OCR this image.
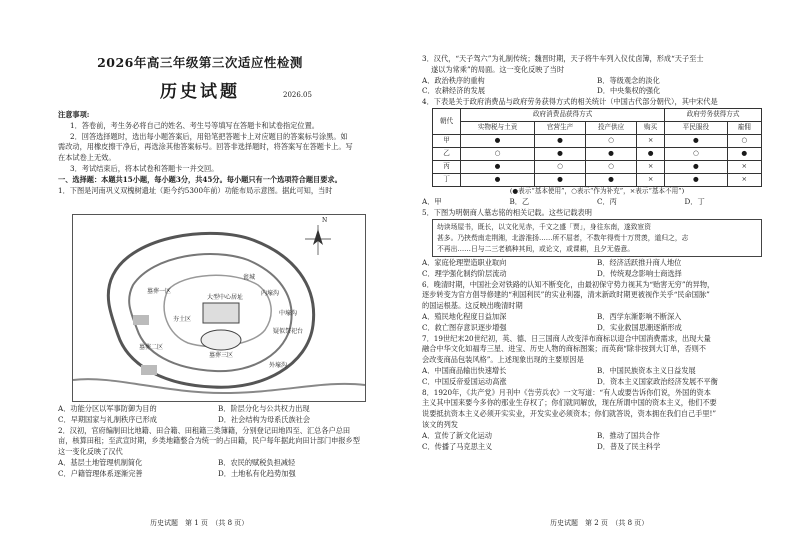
2026年高三年级第三次适应性检测
历史试题	2026.05
注意事项:
1．答卷前，考生务必将自己的姓名、考生号等填写在答题卡和试卷指定位置。
2．回答选择题时，选出每小题答案后，用铅笔把答题卡上对应题目的答案标号涂黑。如
需改动，用橡皮擦干净后，再选涂其他答案标号。回答非选择题时，将答案写在答题卡上。写
在本试卷上无效。
3．考试结束后，将本试卷和答题卡一并交回。
一、选择题：本题共15小题，每小题3分，共45分。每小题只有一个选项符合题目要求。
1．下图是河南巩义双槐树遗址（距今约5300年前）功能布局示意图。据此可知，当时
N
墓葬一区
墓葬二区
墓葬三区
大型中心居址
瓮城
疑似祭祀台
外壕沟
中壕沟
内壕沟
夯土区
A．功能分区以军事防御为目的	B．阶层分化与公共权力出现
C．早期国家与礼制秩序已形成	D．社会结构为母系氏族社会
2．汉初，官府编制田比地籍、田合籍、田租籍三类簿籍，分别登记田地四至、汇总各户总田
亩，核算田租；至武宣时期，乡类地籍整合为统一的占田籍，民户每年据此向田计部门申报乡型
这一变化反映了汉代
A．基层土地管理机制简化	B．农民的赋税负担减轻
C．户籍管理体系逐渐完善	D．土地私有化趋势加强
历史试题　第 1 页　（共 8 页）
3．汉代，“天子驾六”为礼制传统；魏晋时期，天子将牛车列入仪仗卤簿，形成“天子至士
遂以为常乘”的局面。这一变化反映了当时
A．政治秩序的重构	B．等级观念的淡化
C．农耕经济的发展	D．中央集权的强化
4．下表是关于政府消费品与政府劳务获得方式的相关统计（中国古代部分朝代），其中宋代是
朝代	政府消费品获得方式				政府劳务获得方式	
	实物税与土贡	官营生产	投产供应	购买	平民服役	雇佣
甲	●	●	○	×	●	○
乙	○	●	●	●	○	●
丙	●	○	○	×	●	×
丁	●	●	●	×	●	×
(●表示“基本使用”，○表示“作为补充”，×表示“基本不用”)
A．甲	B．乙	C．丙	D．丁
5．下图为明朝商人墓志铭的相关记载。这些记载表明
幼读场屋书，既长，以文化见赤，千文之盛「贾」，身往东南，遂致宦资
甚多。乃挟赀南走荆湘，北游淮扬……所不屈者，不数年得赀十万贯羡，道归之，志
不再出……日与二三老稿种其间，或论文，或课耕，且夕无倦意。
A．家庭伦理塑造职业取向	B．经济活跃推升商人地位
C．理学强化制约阶层流动	D．传统观念影响士商选择
6．晚清时期，中国社会对铁路的认知不断变化，由最初保守势力视其为“贻害无穷”的异物，
逐步转变为官方倡导修建的“利国利民”的实业利器，清末新政时期更被视作关乎“民命国脉”
的国运根基。这反映出晚清时期
A．殖民地化程度日益加深	B．西学东渐影响不断深入
C．救亡图存意识逐步增强	D．实业救国思潮逐渐形成
7．19世纪末20世纪初，英、德、日三国商人改变洋布商标以迎合中国消费需求，出现大量
融合中华文化如福寿三星、进宝、历史人物的商标图案；而英商“除非按到大订单，否则不
会改变商品包装风格”。上述现象出现的主要原因是
A．中国商品输出快速增长	B．中国民族资本主义日益发展
C．中国反帝爱国运动高涨	D．资本主义国家政治经济发展不平衡
8．1920年，《共产党》月刊中《告劳兵农》一文写道：“有人或要告诉你们说，外国的资本
主义其中国来要今多你的那业生存权了；你们就同解放，现在所谓中国的资本主义，他们不要
说要抵抗资本主义必须开实实业，开发实业必须资本；你们就答说，资本拥在我们自己手里!”
该文的列发
A．宣传了新文化运动	B．推动了国共合作
C．传播了马克思主义	D．普及了民主科学
历史试题　第 2 页　（共 8 页）
